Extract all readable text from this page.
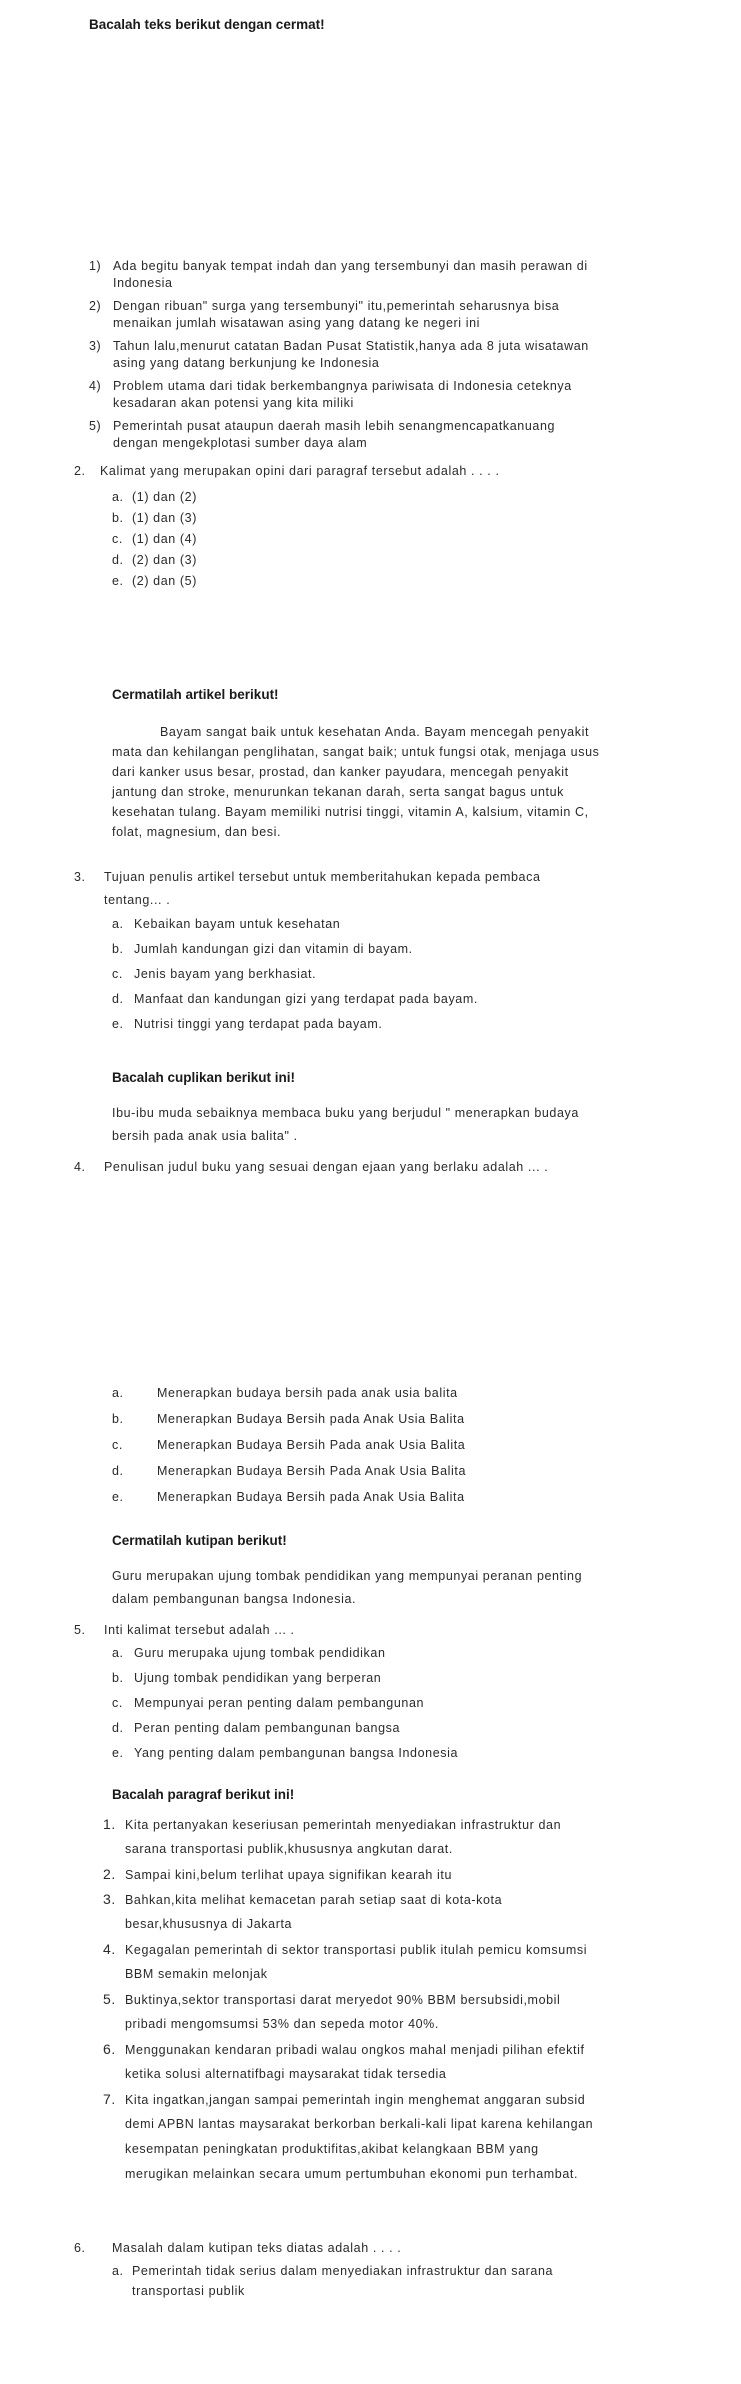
Bacalah teks berikut dengan cermat!
1) Ada begitu banyak tempat indah dan yang tersembunyi dan masih perawan di
Indonesia
2) Dengan ribuan" surga yang tersembunyi" itu,pemerintah seharusnya bisa
menaikan jumlah wisatawan asing yang datang ke negeri ini
3) Tahun lalu,menurut catatan Badan Pusat Statistik,hanya ada 8 juta wisatawan
asing yang datang berkunjung ke Indonesia
4) Problem utama dari tidak berkembangnya pariwisata di Indonesia ceteknya
kesadaran akan potensi yang kita miliki
5) Pemerintah pusat ataupun daerah masih lebih senangmencapatkanuang
dengan mengekplotasi sumber daya alam
2. Kalimat yang merupakan opini dari paragraf tersebut adalah . . . .
a. (1) dan (2)
b. (1) dan (3)
c. (1) dan (4)
d. (2) dan (3)
e. (2) dan (5)
Cermatilah artikel berikut!
Bayam sangat baik untuk kesehatan Anda. Bayam mencegah penyakit
mata dan kehilangan penglihatan, sangat baik; untuk fungsi otak, menjaga usus
dari kanker usus besar, prostad, dan kanker payudara, mencegah penyakit
jantung dan stroke, menurunkan tekanan darah, serta sangat bagus untuk
kesehatan tulang. Bayam memiliki nutrisi tinggi, vitamin A, kalsium, vitamin C,
folat, magnesium, dan besi.
3. Tujuan penulis artikel tersebut untuk memberitahukan kepada pembaca
tentang... .
a. Kebaikan bayam untuk kesehatan
b. Jumlah kandungan gizi dan vitamin di bayam.
c. Jenis bayam yang berkhasiat.
d. Manfaat dan kandungan gizi yang terdapat pada bayam.
e. Nutrisi tinggi yang terdapat pada bayam.
Bacalah cuplikan berikut ini!
Ibu-ibu muda sebaiknya membaca buku yang berjudul " menerapkan budaya
bersih pada anak usia balita" .
4. Penulisan judul buku yang sesuai dengan ejaan yang berlaku adalah ... .
a.	Menerapkan budaya bersih pada anak usia balita
b.	Menerapkan Budaya Bersih pada Anak Usia Balita
c.	Menerapkan Budaya Bersih Pada anak Usia Balita
d.	Menerapkan Budaya Bersih Pada Anak Usia Balita
e.	Menerapkan Budaya Bersih pada Anak Usia Balita
Cermatilah kutipan berikut!
Guru merupakan ujung tombak pendidikan yang mempunyai peranan penting
dalam pembangunan bangsa Indonesia.
5. Inti kalimat tersebut adalah ... .
a. Guru merupaka ujung tombak pendidikan
b. Ujung tombak pendidikan yang berperan
c. Mempunyai peran penting dalam pembangunan
d. Peran penting dalam pembangunan bangsa
e. Yang penting dalam pembangunan bangsa Indonesia
Bacalah paragraf berikut ini!
1. Kita pertanyakan keseriusan pemerintah menyediakan infrastruktur dan
sarana transportasi publik,khususnya angkutan darat.
2. Sampai kini,belum terlihat upaya signifikan kearah itu
3. Bahkan,kita melihat kemacetan parah setiap saat di kota-kota
besar,khususnya di Jakarta
4. Kegagalan pemerintah di sektor transportasi publik itulah pemicu komsumsi
BBM semakin melonjak
5. Buktinya,sektor transportasi darat meryedot 90% BBM bersubsidi,mobil
pribadi mengomsumsi 53% dan sepeda motor 40%.
6. Menggunakan kendaran pribadi walau ongkos mahal menjadi pilihan efektif
ketika solusi alternatifbagi maysarakat tidak tersedia
7. Kita ingatkan,jangan sampai pemerintah ingin menghemat anggaran subsid
demi APBN lantas maysarakat berkorban berkali-kali lipat karena kehilangan
kesempatan peningkatan produktifitas,akibat kelangkaan BBM yang
merugikan melainkan secara umum pertumbuhan ekonomi pun terhambat.
6. Masalah dalam kutipan teks diatas adalah . . . .
a. Pemerintah tidak serius dalam menyediakan infrastruktur dan sarana
transportasi publik
